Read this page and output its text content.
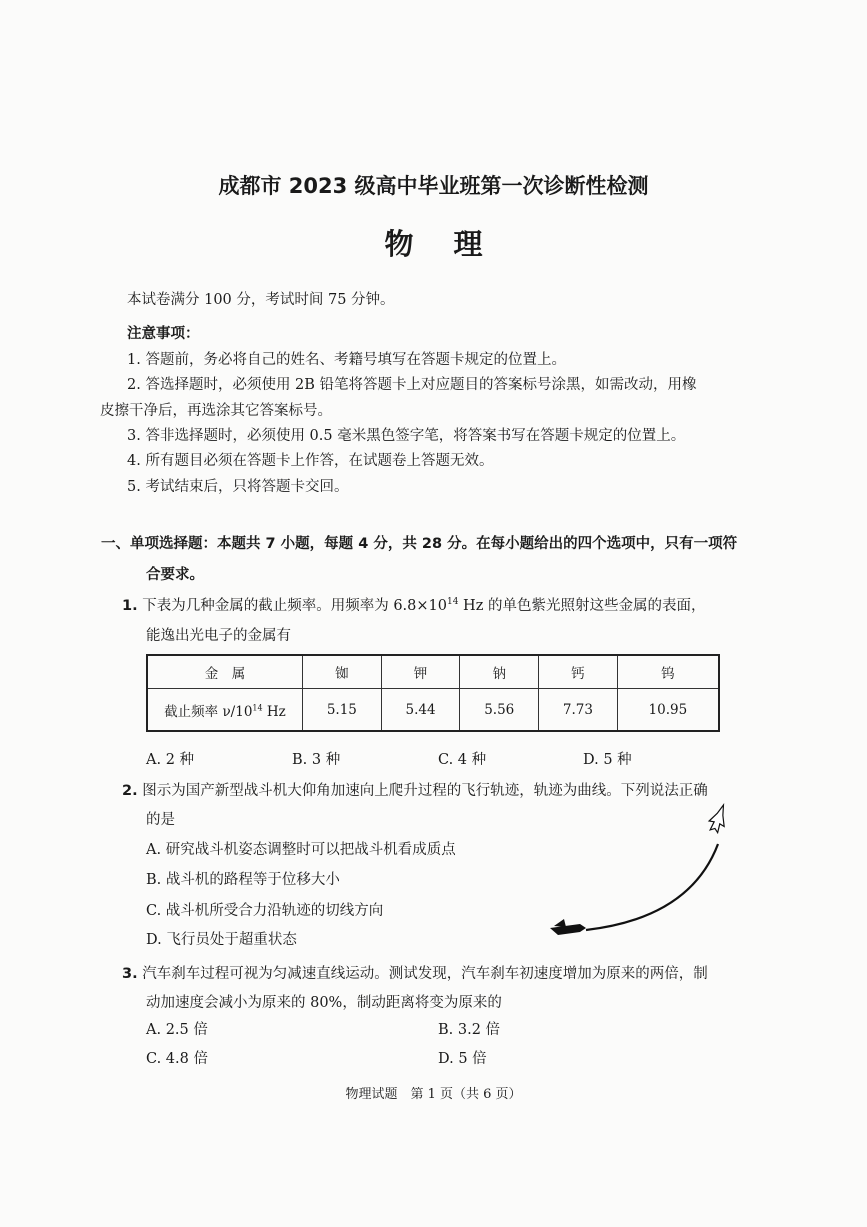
成都市 2023 级高中毕业班第一次诊断性检测
物理
本试卷满分 100 分，考试时间 75 分钟。
注意事项：
1. 答题前，务必将自己的姓名、考籍号填写在答题卡规定的位置上。
2. 答选择题时，必须使用 2B 铅笔将答题卡上对应题目的答案标号涂黑，如需改动，用橡
皮擦干净后，再选涂其它答案标号。
3. 答非选择题时，必须使用 0.5 毫米黑色签字笔，将答案书写在答题卡规定的位置上。
4. 所有题目必须在答题卡上作答，在试题卷上答题无效。
5. 考试结束后，只将答题卡交回。
一、单项选择题：本题共 7 小题，每题 4 分，共 28 分。在每小题给出的四个选项中，只有一项符
合要求。
1. 下表为几种金属的截止频率。用频率为 $6.8\times 10^{14}$ Hz 的单色紫光照射这些金属的表面，
能逸出光电子的金属有
金　属	铷	钾	钠	钙	钨
截止频率 $\nu/10^{14}$ Hz	5.15	5.44	5.56	7.73	10.95
A. 2 种	B. 3 种	C. 4 种	D. 5 种
2. 图示为国产新型战斗机大仰角加速向上爬升过程的飞行轨迹，轨迹为曲线。下列说法正确
的是
A. 研究战斗机姿态调整时可以把战斗机看成质点
B. 战斗机的路程等于位移大小
C. 战斗机所受合力沿轨迹的切线方向
D. 飞行员处于超重状态
3. 汽车刹车过程可视为匀减速直线运动。测试发现，汽车刹车初速度增加为原来的两倍，制
动加速度会减小为原来的 80%，制动距离将变为原来的
A. 2.5 倍	B. 3.2 倍
C. 4.8 倍	D. 5 倍
物理试题　第 1 页（共 6 页）
